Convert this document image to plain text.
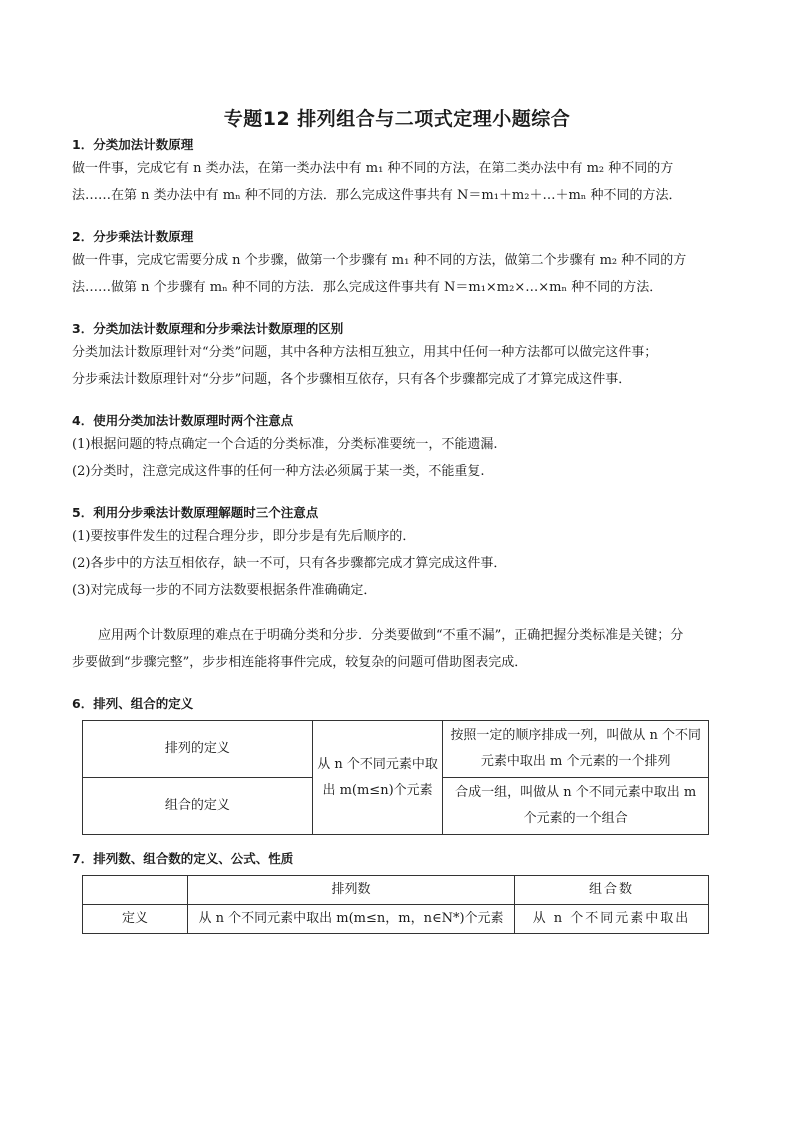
专题12 排列组合与二项式定理小题综合

1．分类加法计数原理

做一件事，完成它有 n 类办法，在第一类办法中有 m₁ 种不同的方法，在第二类办法中有 m₂ 种不同的方

法……在第 n 类办法中有 mₙ 种不同的方法．那么完成这件事共有 N＝m₁＋m₂＋…＋mₙ 种不同的方法．

2．分步乘法计数原理

做一件事，完成它需要分成 n 个步骤，做第一个步骤有 m₁ 种不同的方法，做第二个步骤有 m₂ 种不同的方

法……做第 n 个步骤有 mₙ 种不同的方法．那么完成这件事共有 N＝m₁×m₂×…×mₙ 种不同的方法．

3．分类加法计数原理和分步乘法计数原理的区别

分类加法计数原理针对“分类”问题，其中各种方法相互独立，用其中任何一种方法都可以做完这件事；

分步乘法计数原理针对“分步”问题，各个步骤相互依存，只有各个步骤都完成了才算完成这件事．

4．使用分类加法计数原理时两个注意点

(1)根据问题的特点确定一个合适的分类标准，分类标准要统一，不能遗漏.

(2)分类时，注意完成这件事的任何一种方法必须属于某一类，不能重复.

5．利用分步乘法计数原理解题时三个注意点

(1)要按事件发生的过程合理分步，即分步是有先后顺序的．

(2)各步中的方法互相依存，缺一不可，只有各步骤都完成才算完成这件事．

(3)对完成每一步的不同方法数要根据条件准确确定．

应用两个计数原理的难点在于明确分类和分步．分类要做到“不重不漏”，正确把握分类标准是关键；分

步要做到“步骤完整”，步步相连能将事件完成，较复杂的问题可借助图表完成．

6．排列、组合的定义

排列的定义	从 n 个不同元素中取出 m(m≤n)个元素	按照一定的顺序排成一列，叫做从 n 个不同元素中取出 m 个元素的一个排列
组合的定义		合成一组，叫做从 n 个不同元素中取出 m 个元素的一个组合

7．排列数、组合数的定义、公式、性质

	排列数	组合数
定义	从 n 个不同元素中取出 m(m≤n，m，n∈N*)个元素	从 n 个不同元素中取出
